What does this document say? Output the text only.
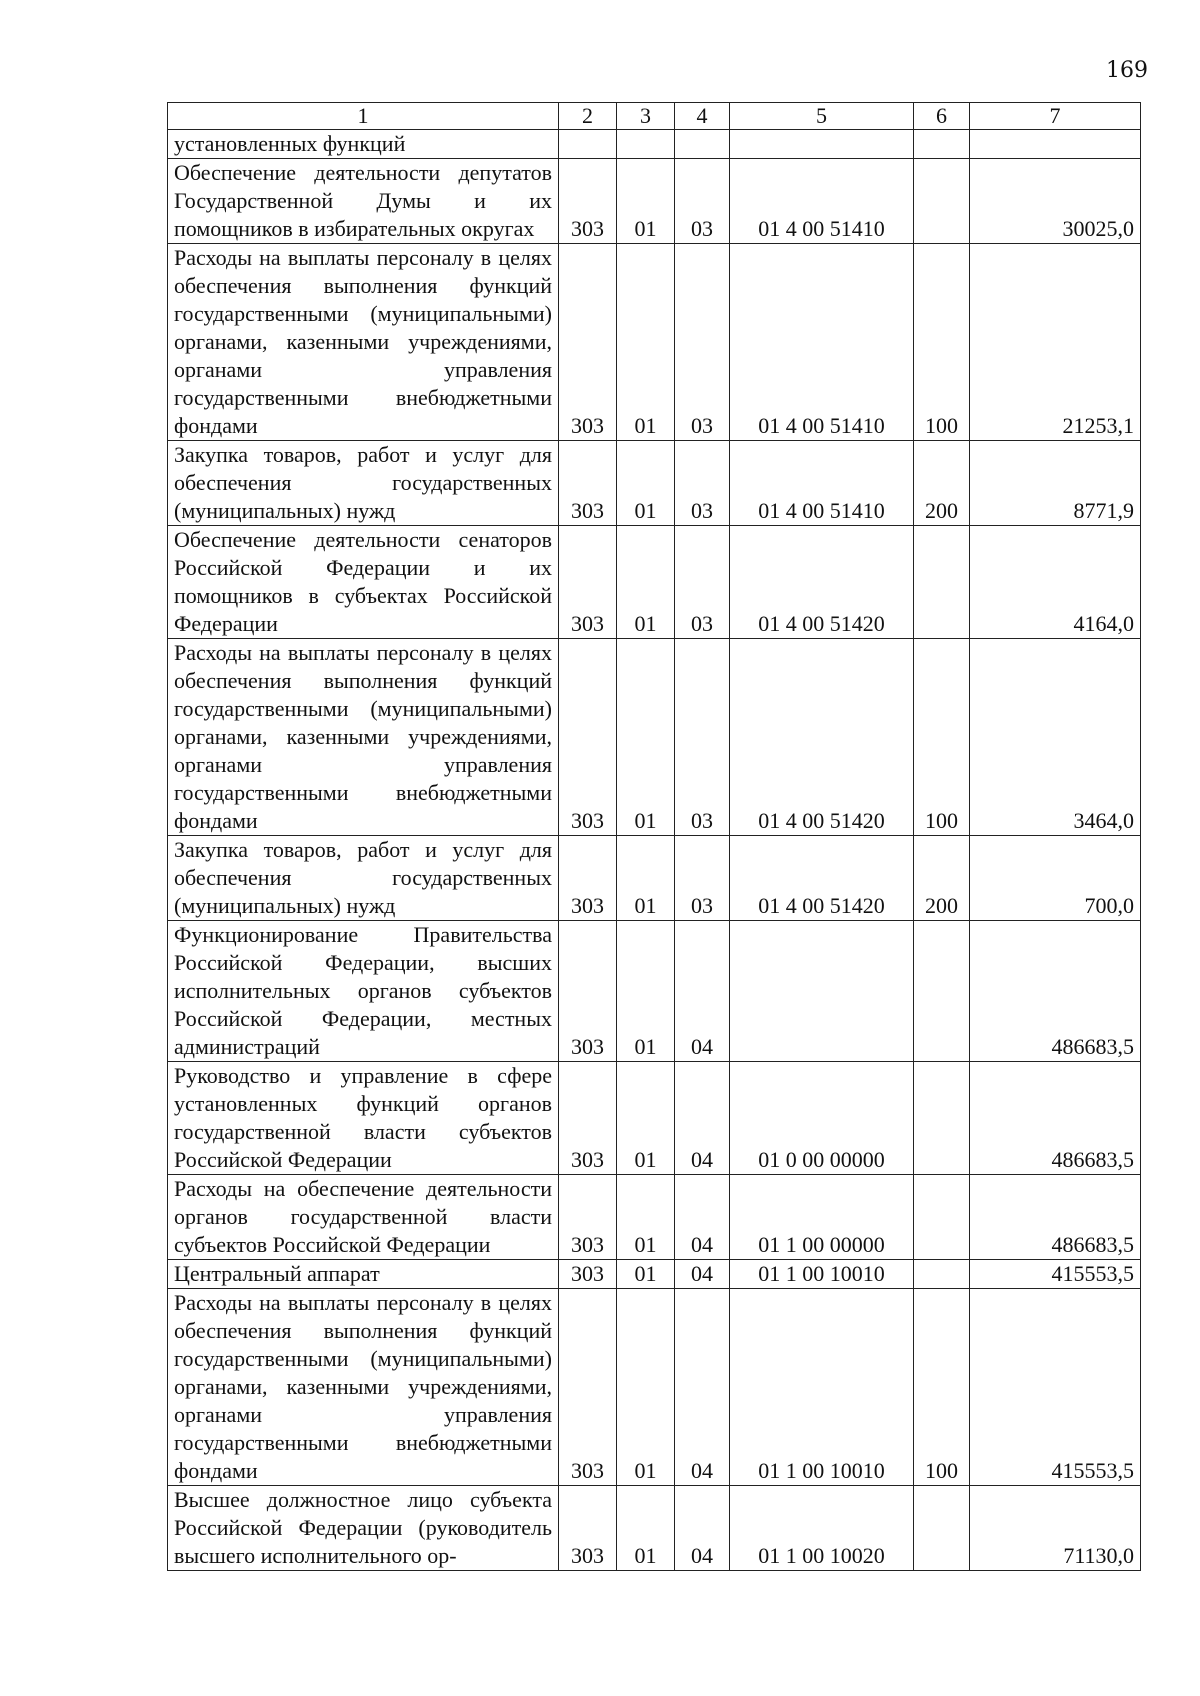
169
1	2	3	4	5	6	7
установленных функций						
Обеспечение деятельности депутатов Государственной Думы и их помощников в избирательных округах	303	01	03	01 4 00 51410		30025,0
Расходы на выплаты персоналу в целях обеспечения выполнения функций государственными (муниципальными) органами, казенными учреждениями, органами управления государственными внебюджетными фондами	303	01	03	01 4 00 51410	100	21253,1
Закупка товаров, работ и услуг для обеспечения государственных (муниципальных) нужд	303	01	03	01 4 00 51410	200	8771,9
Обеспечение деятельности сенаторов Российской Федерации и их помощников в субъектах Российской Федерации	303	01	03	01 4 00 51420		4164,0
Расходы на выплаты персоналу в целях обеспечения выполнения функций государственными (муниципальными) органами, казенными учреждениями, органами управления государственными внебюджетными фондами	303	01	03	01 4 00 51420	100	3464,0
Закупка товаров, работ и услуг для обеспечения государственных (муниципальных) нужд	303	01	03	01 4 00 51420	200	700,0
Функционирование Правительства Российской Федерации, высших исполнительных органов субъектов Российской Федерации, местных администраций	303	01	04			486683,5
Руководство и управление в сфере установленных функций органов государственной власти субъектов Российской Федерации	303	01	04	01 0 00 00000		486683,5
Расходы на обеспечение деятельности органов государственной власти субъектов Российской Федерации	303	01	04	01 1 00 00000		486683,5
Центральный аппарат	303	01	04	01 1 00 10010		415553,5
Расходы на выплаты персоналу в целях обеспечения выполнения функций государственными (муниципальными) органами, казенными учреждениями, органами управления государственными внебюджетными фондами	303	01	04	01 1 00 10010	100	415553,5
Высшее должностное лицо субъекта Российской Федерации (руководитель высшего исполнительного ор-	303	01	04	01 1 00 10020		71130,0
